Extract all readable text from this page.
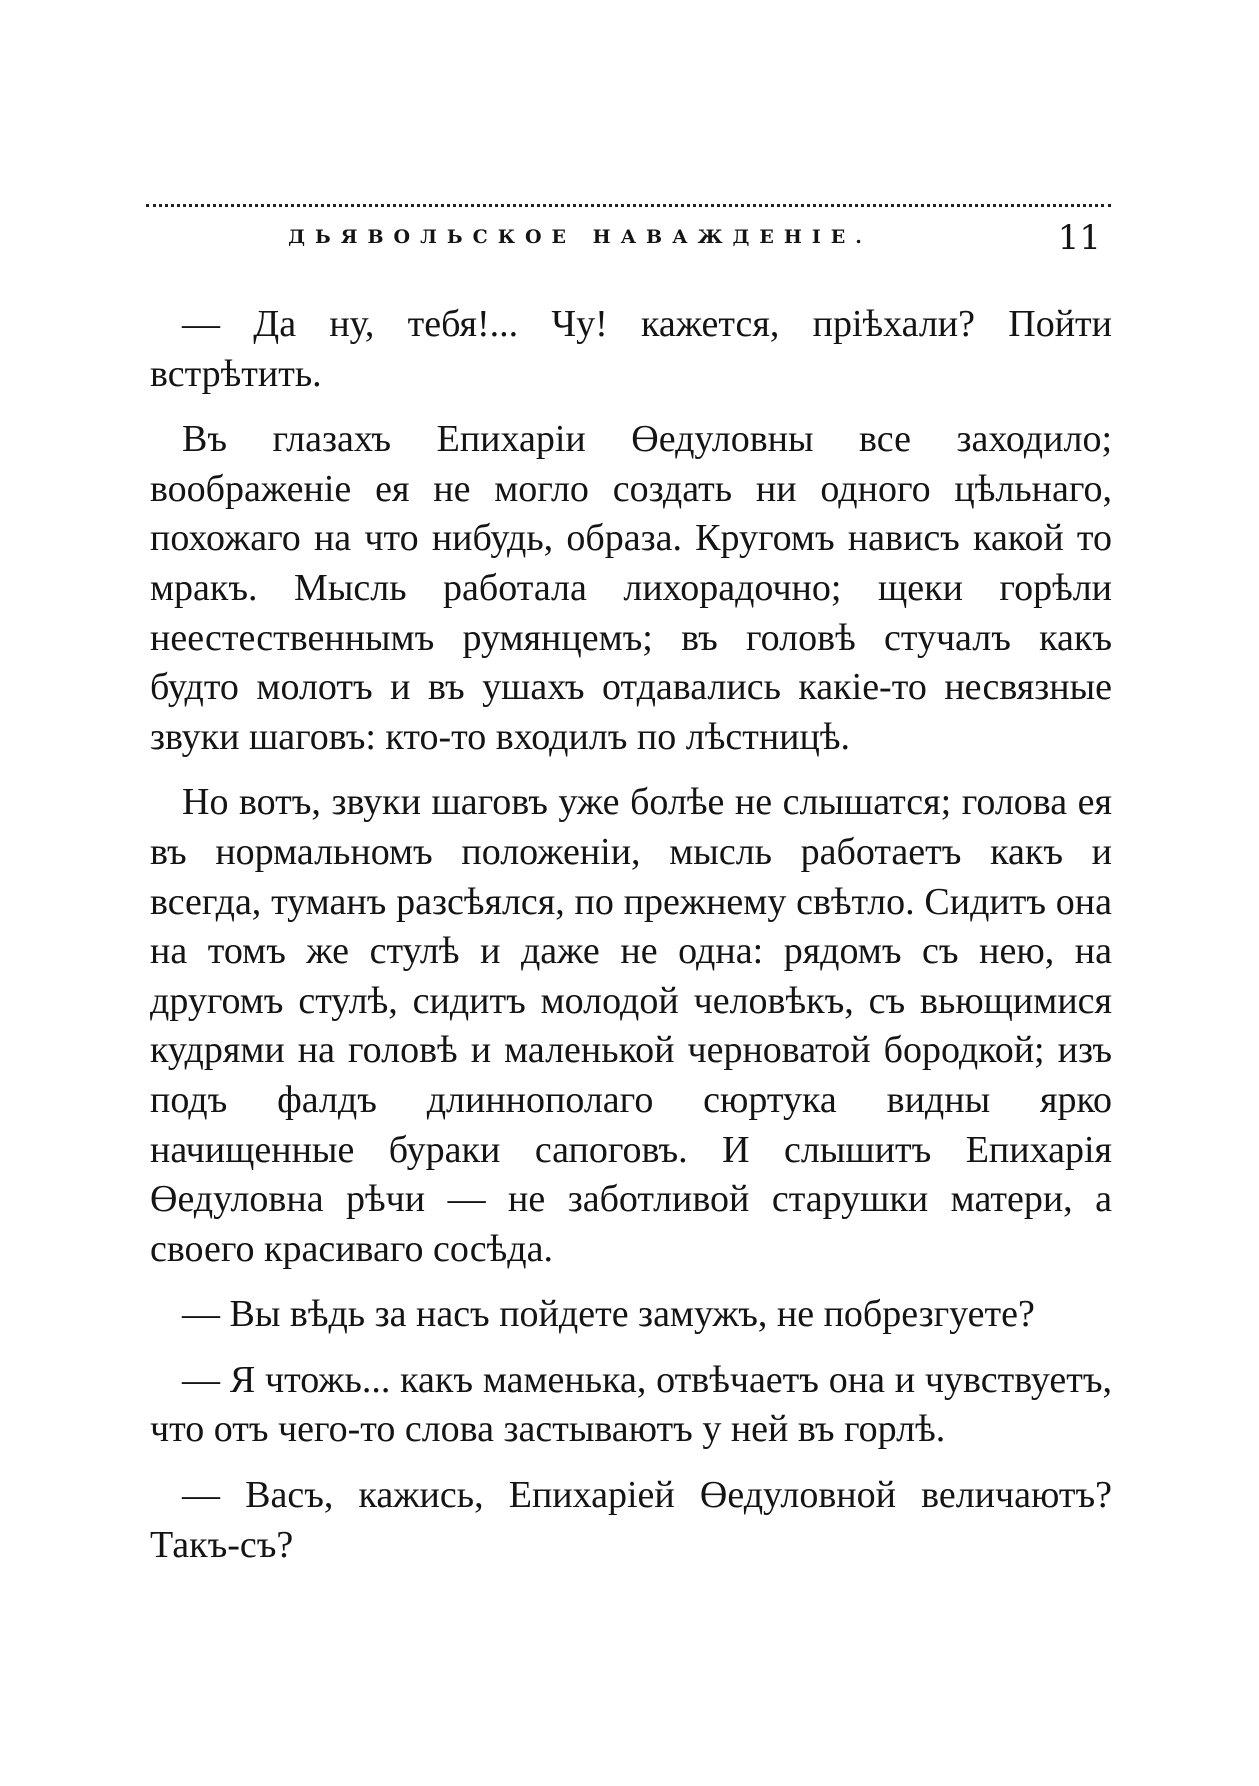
ДЬЯВОЛЬСКОЕ НАВАЖДЕНІЕ.	11

— Да ну, тебя!... Чу! кажется, пріѣхали? Пойти встрѣтить.

Въ глазахъ Епихаріи Өедуловны все заходило; воображеніе ея не могло создать ни одного цѣльнаго, похожаго на что нибудь, образа. Кругомъ нависъ какой то мракъ. Мысль работала лихорадочно; щеки горѣли неестественнымъ румянцемъ; въ головѣ стучалъ какъ будто молотъ и въ ушахъ отдавались какіе-то несвязные звуки шаговъ: кто-то входилъ по лѣстницѣ.

Но вотъ, звуки шаговъ уже болѣе не слышатся; голова ея въ нормальномъ положеніи, мысль работаетъ какъ и всегда, туманъ разсѣялся, по прежнему свѣтло. Сидитъ она на томъ же стулѣ и даже не одна: рядомъ съ нею, на другомъ стулѣ, сидитъ молодой человѣкъ, съ вьющимися кудрями на головѣ и маленькой черноватой бородкой; изъ подъ фалдъ длиннополаго сюртука видны ярко начищенные бураки сапоговъ. И слышитъ Епихарія Өедуловна рѣчи — не заботливой старушки матери, а своего красиваго сосѣда.

— Вы вѣдь за насъ пойдете замужъ, не побрезгуете?

— Я чтожь... какъ маменька, отвѣчаетъ она и чувствуетъ, что отъ чего-то слова застываютъ у ней въ горлѣ.

— Васъ, кажись, Епихаріей Өедуловной величаютъ? Такъ-съ?
